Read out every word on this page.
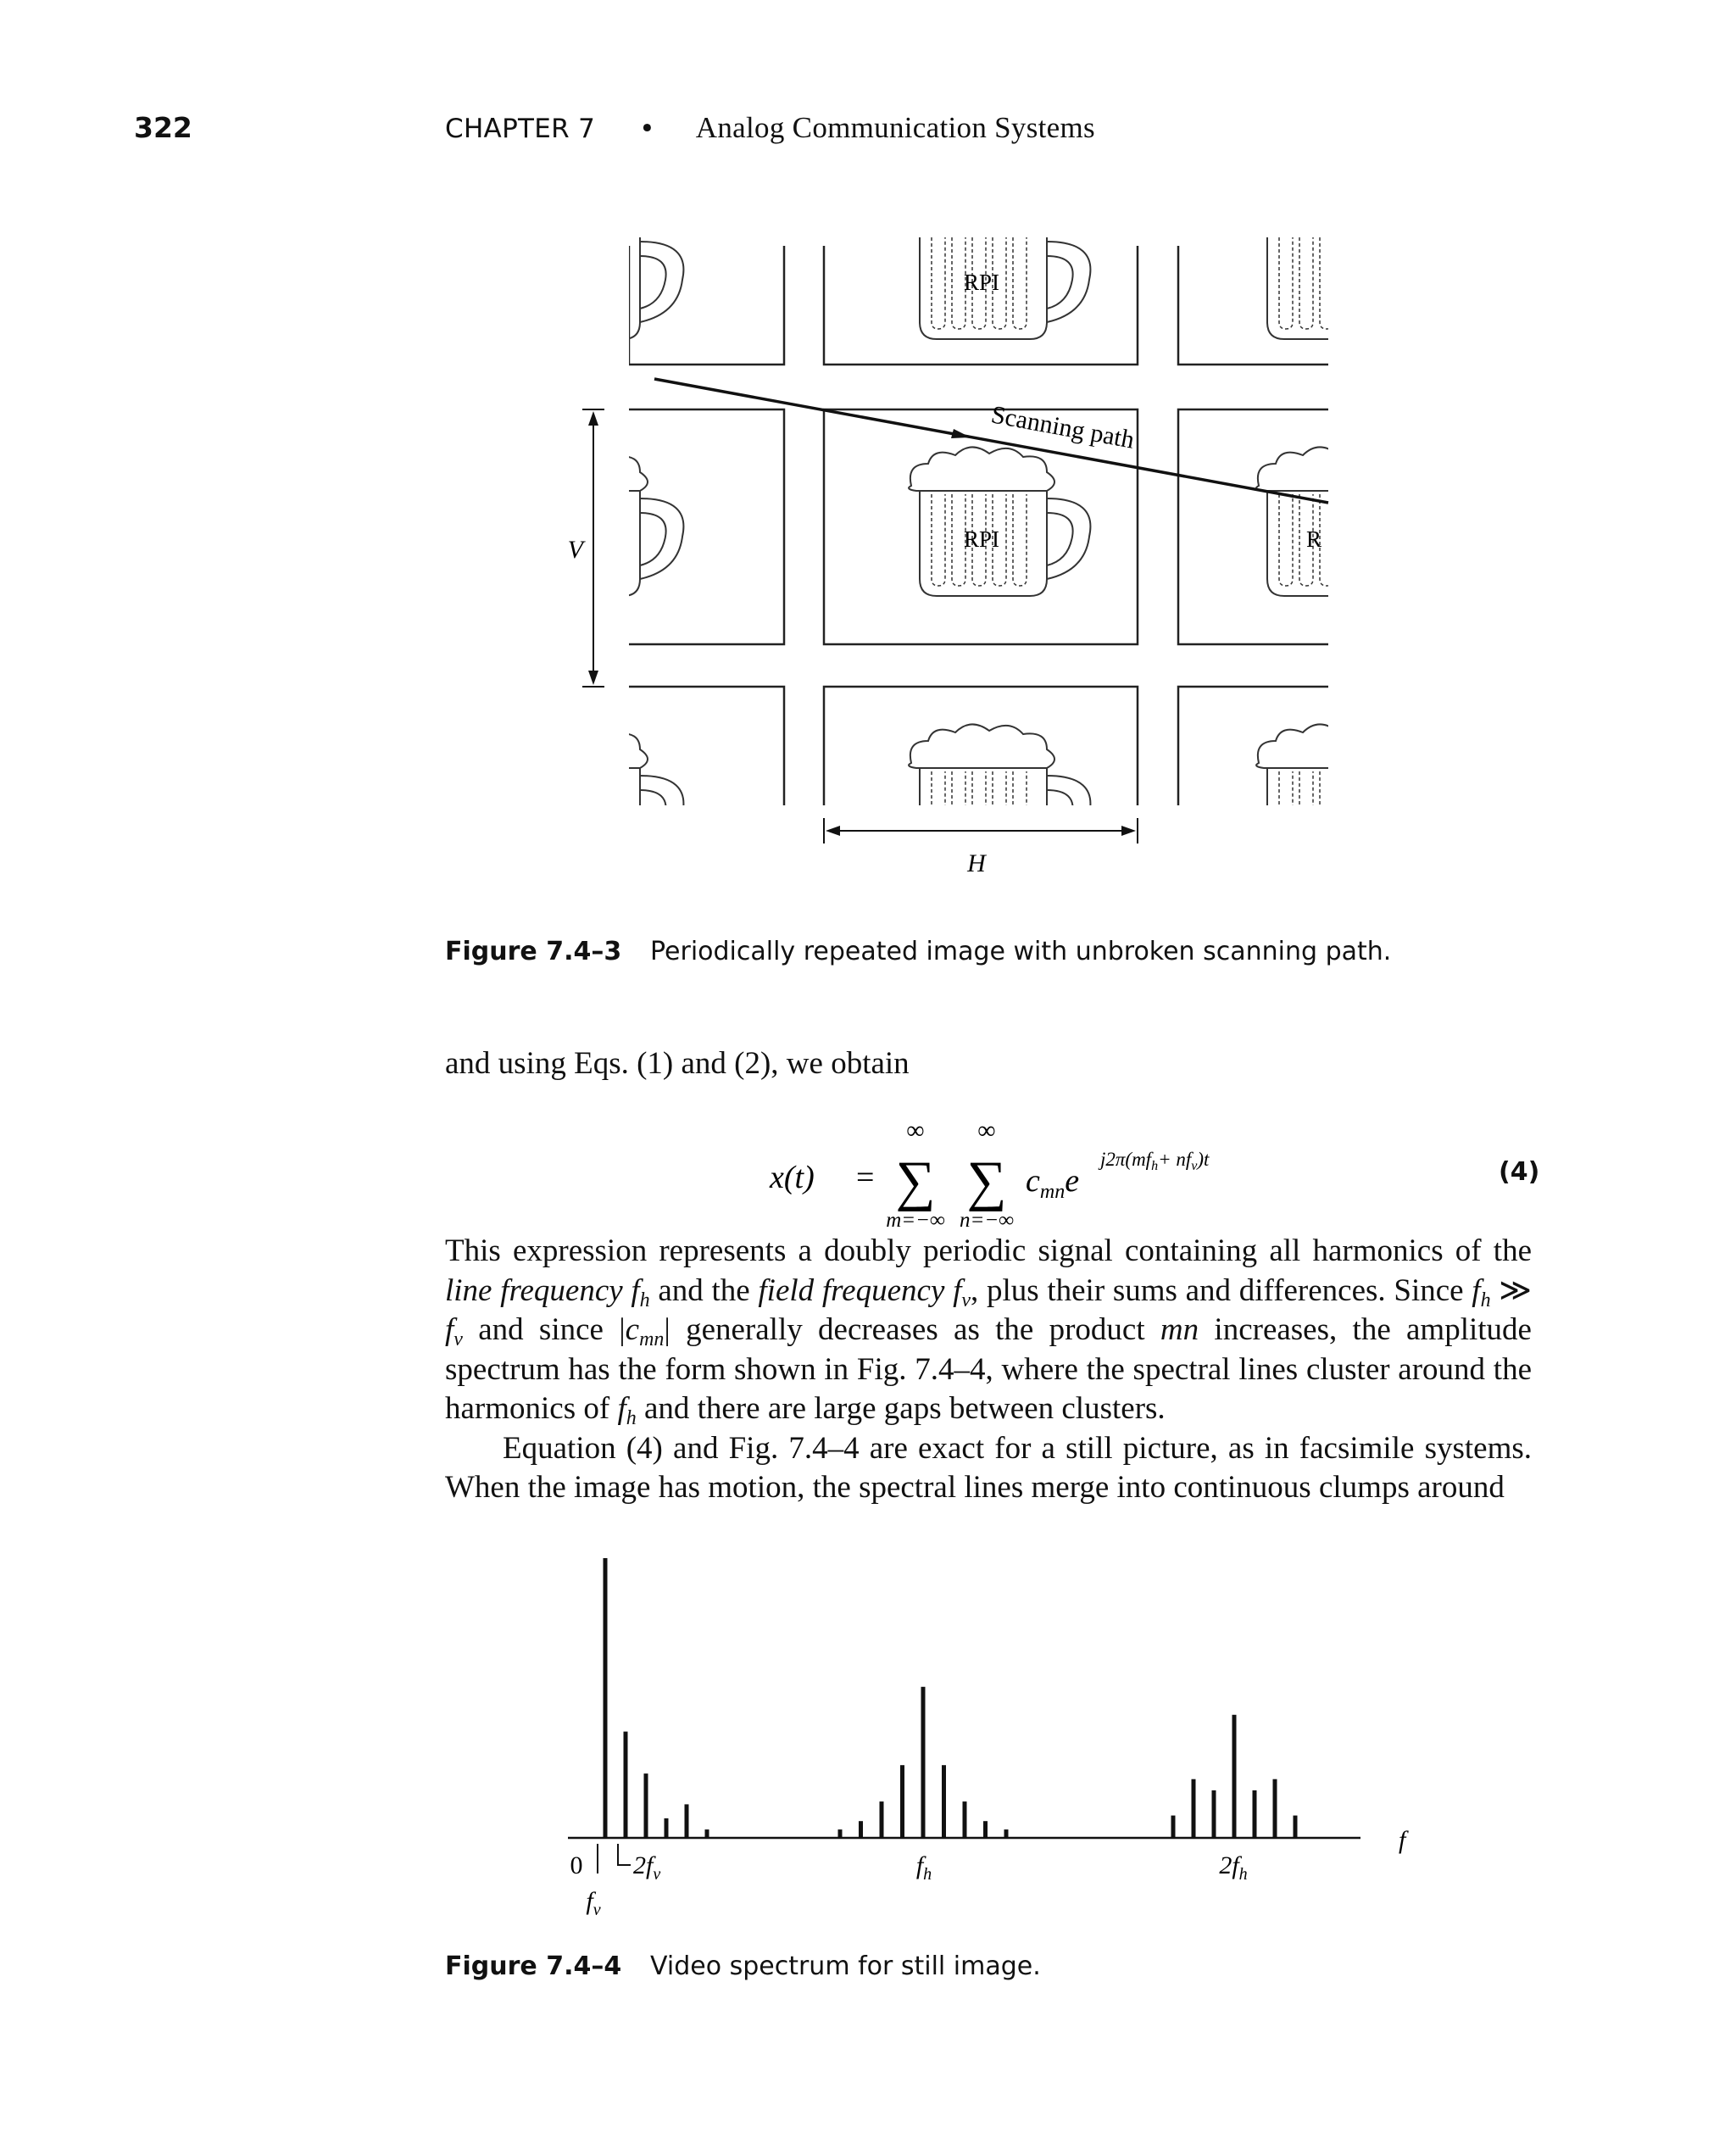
322	CHAPTER 7 • Analog Communication Systems
RPI
RPI	R
Scanning path
V
H
Figure 7.4–3 Periodically repeated image with unbroken scanning path.
and using Eqs. (1) and (2), we obtain
x(t) =
∞
∑
m=−∞
∞
∑
n=−∞
$c_{mn}e$
$j2\pi(mf_h+ nf_v)t$	(4)

This expression represents a doubly periodic signal containing all harmonics of the line frequency $f_h$ and the field frequency $f_v$, plus their sums and differences. Since $f_h$ ≫ $f_v$ and since $|c_{mn}|$ generally decreases as the product mn increases, the amplitude spectrum has the form shown in Fig. 7.4–4, where the spectral lines cluster around the harmonics of $f_h$ and there are large gaps between clusters.

Equation (4) and Fig. 7.4–4 are exact for a still picture, as in facsimile systems. When the image has motion, the spectral lines merge into continuous clumps around

f
0
$f_v$
$2f_v$	$f_h$	$2f_h$
Figure 7.4–4 Video spectrum for still image.
